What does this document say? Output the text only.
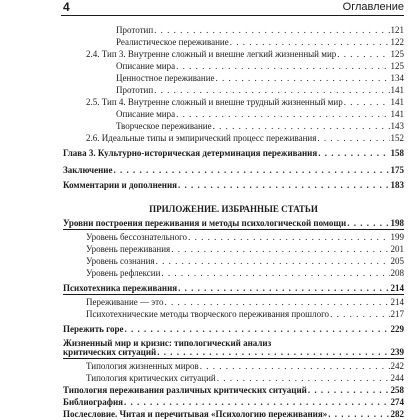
4	Оглавление
Прототип . . .	121
Реалистическое переживание . . .	122
2.4. Тип 3. Внутренне сложный и внешне легкий жизненный мир . . .	125
Описание мира . . .	125
Ценностное переживание . . .	134
Прототип . . .	141
2.5. Тип 4. Внутренне сложный и внешне трудный жизненный мир . . .	141
Описание мира . . .	141
Творческое переживание . . .	143
2.6. Идеальные типы и эмпирический процесс переживания . . .	152
Глава 3. Культурно-историческая детерминация переживания . . .	158
Заключение . . .	175
Комментарии и дополнения . . .	183
ПРИЛОЖЕНИЕ. ИЗБРАННЫЕ СТАТЬИ
Уровни построения переживания и методы психологической помощи . . .	198
Уровень бессознательного . . .	199
Уровень переживания . . .	201
Уровень сознания . . .	205
Уровень рефлексии . . .	208
Психотехника переживания . . .	214
Переживание — это . . .	214
Психотехнические методы творческого переживания прошлого . . .	217
Пережить горе . . .	229
Жизненный мир и кризис: типологический анализ
критических ситуаций . . .	239
Типология жизненных миров . . .	242
Типология критических ситуаций . . .	244
Типология переживания различных критических ситуаций . . .	258
Библиография . . .	274
Послесловие. Читая и перечитывая «Психологию переживания» . . .	282
